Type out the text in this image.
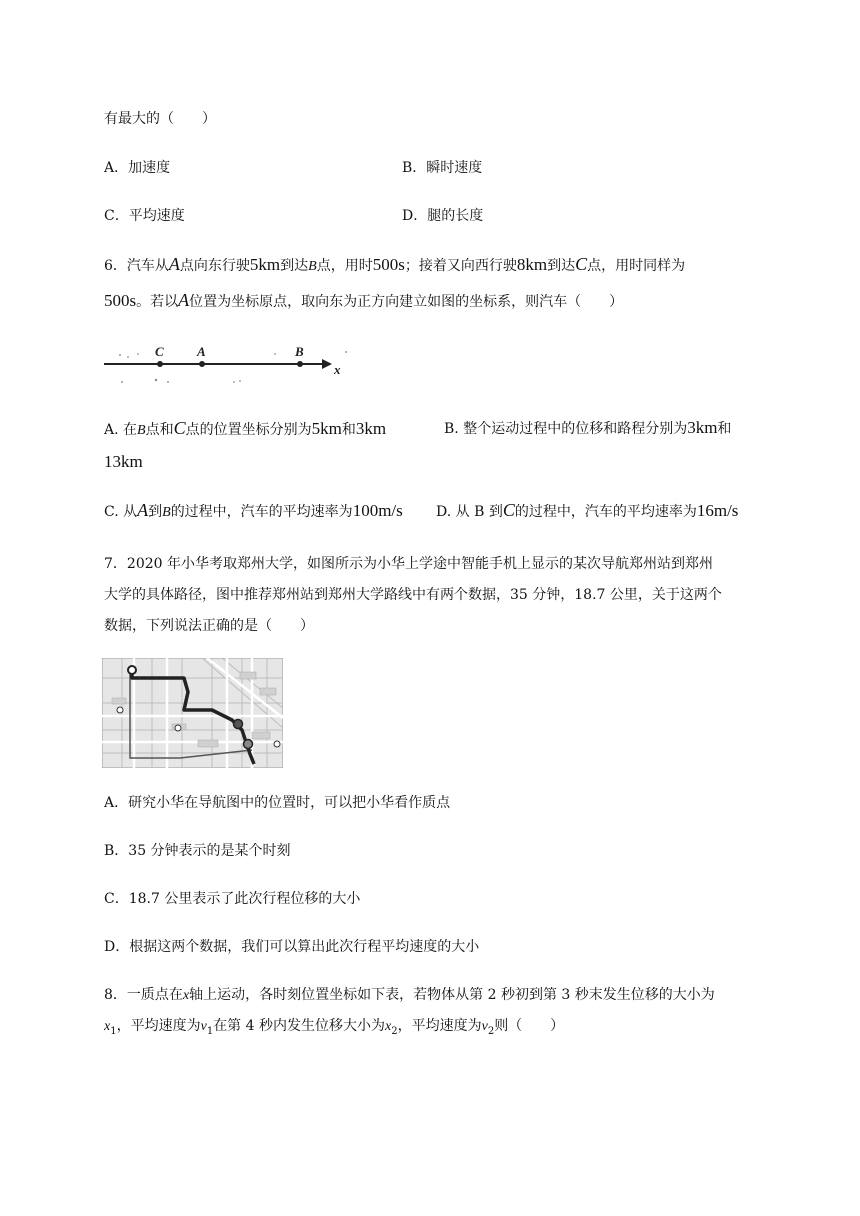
有最大的（　　）
A．加速度	B．瞬时速度
C．平均速度	D．腿的长度
6．汽车从A点向东行驶5km到达B点，用时500s；接着又向西行驶8km到达C点，用时同样为
500s。若以A位置为坐标原点，取向东为正方向建立如图的坐标系，则汽车（　　）
C	A	B
x
A. 在B点和C点的位置坐标分别为5km和3km	B. 整个运动过程中的位移和路程分别为3km和
13km
C. 从A到B的过程中，汽车的平均速率为100m/s D. 从 B 到C的过程中，汽车的平均速率为16m/s
7．2020 年小华考取郑州大学，如图所示为小华上学途中智能手机上显示的某次导航郑州站到郑州
大学的具体路径，图中推荐郑州站到郑州大学路线中有两个数据，35 分钟，18.7 公里，关于这两个
数据，下列说法正确的是（　　）
A．研究小华在导航图中的位置时，可以把小华看作质点
B．35 分钟表示的是某个时刻
C．18.7 公里表示了此次行程位移的大小
D．根据这两个数据，我们可以算出此次行程平均速度的大小
8．一质点在x轴上运动，各时刻位置坐标如下表，若物体从第 2 秒初到第 3 秒末发生位移的大小为
$x_1$，平均速度为$v_1$在第 4 秒内发生位移大小为$x_2$，平均速度为$v_2$则（　　）
